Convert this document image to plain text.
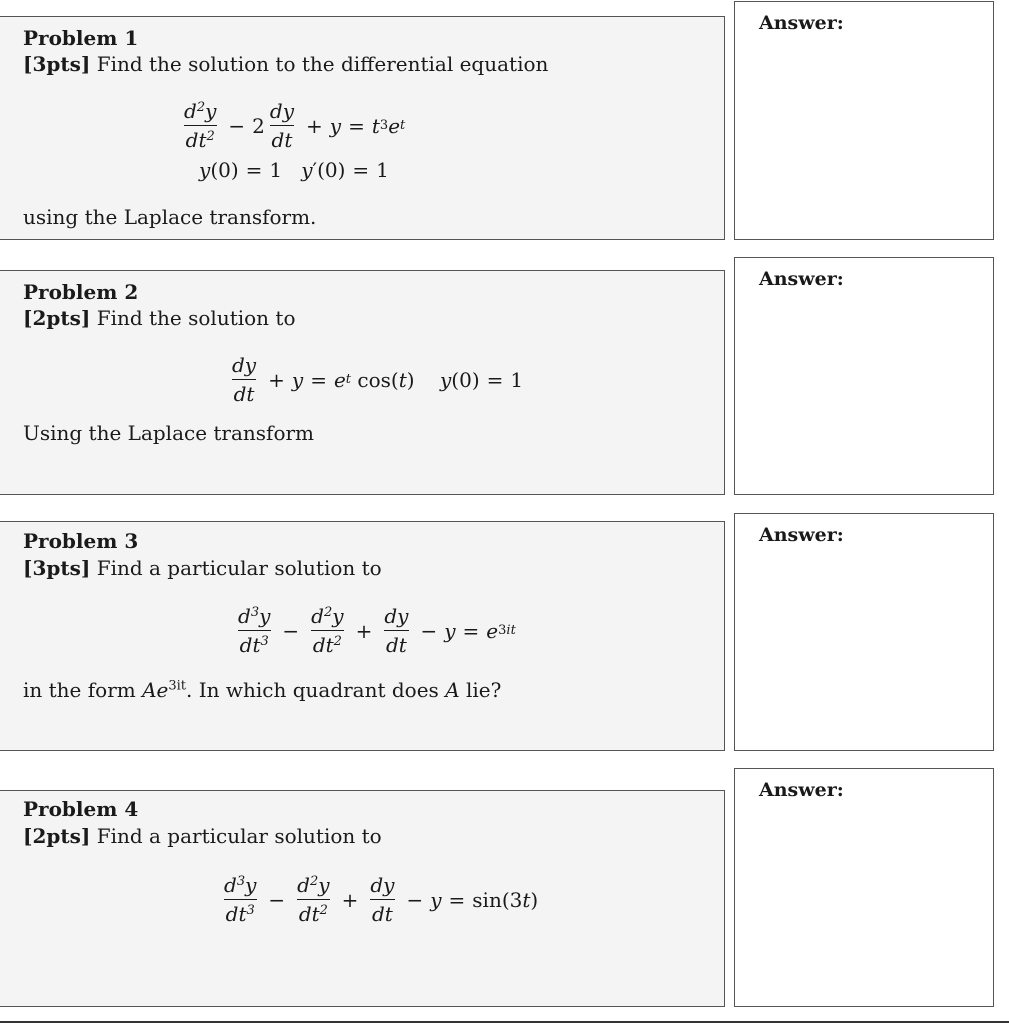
Problem 1
[3pts] Find the solution to the differential equation
$\frac{d^2y}{dt^2} - 2 \frac{dy}{dt} + y = t$ 3 e t
y (0) = 1 y ′(0) = 1
using the Laplace transform.
Answer:
Problem 2
[2pts] Find the solution to
$\frac{dy}{dt} + y = e$ t cos( t ) y (0) = 1
Using the Laplace transform
Answer:
Problem 3
[3pts] Find a particular solution to
$\frac{d^3y}{dt^3} - \frac{d^2y}{dt^2} + \frac{dy}{dt} - y = e$ 3it
in the form $Ae^{3it}$. In which quadrant does A lie?
Answer:
Problem 4
[2pts] Find a particular solution to
$\frac{d^3y}{dt^3} - \frac{d^2y}{dt^2} + \frac{dy}{dt} - y = \sin(3$ t )
Answer:
